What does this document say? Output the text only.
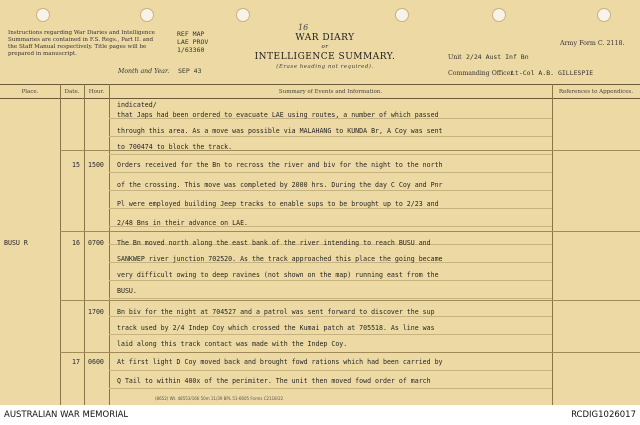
Instructions regarding War Diaries and Intelligence Summaries are contained in F.S. Regs., Part II. and the Staff Manual respectively. Title pages will be prepared in manuscript.
REF MAP
LAE PROV
1/63360
16
WAR DIARY
or
INTELLIGENCE SUMMARY.
(Erase heading not required).
Army Form C. 2118.
Month and Year. SEP 43
Unit 2/24 Aust Inf Bn
Commanding Officer
Lt-Col A.B. GILLESPIE
Place.	Date.	Hour.	Summary of Events and Information.	References to Appendices.
indicated/
that Japs had been ordered to evacuate LAE using routes, a number of which passed
through this area. As a move was possible via MALAHANG to KUNDA Br, A Coy was sent
to 700474 to block the track.
15 1500 Orders received for the Bn to recross the river and biv for the night to the north
of the crossing. This move was completed by 2000 hrs. During the day C Coy and Pnr
Pl were employed building Jeep tracks to enable sups to be brought up to 2/23 and
2/48 Bns in their advance on LAE.
BUSU R	16 0700 The Bn moved north along the east bank of the river intending to reach BUSU and
SANKWEP river junction 702520. As the track approached this place the going became
very difficult owing to deep ravines (not shown on the map) running east from the
BUSU.
1700 Bn biv for the night at 704527 and a patrol was sent forward to discover the sup
track used by 2/4 Indep Coy which crossed the Kumai patch at 705518. As line was
laid along this track contact was made with the Indep Coy.
17 0600 At first light D Coy moved back and brought fowd rations which had been carried by
Q Tail to within 400x of the perimiter. The unit then moved fowd order of march
(8652) Wt. 48553/166 50m 11/39 BPL 51-6605 Forms C2118/22
AUSTRALIAN WAR MEMORIAL	RCDIG1026017
